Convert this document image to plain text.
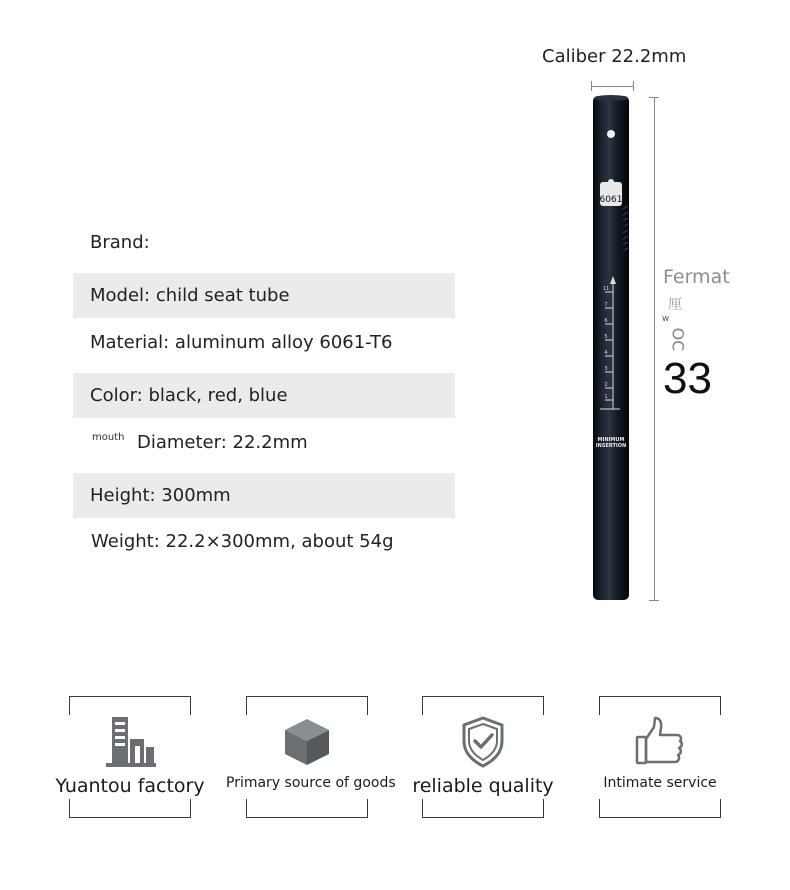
Brand:
Model: child seat tube
Material: aluminum alloy 6061-T6
Color: black, red, blue
mouth Diameter: 22.2mm
Height: 300mm
Weight: 22.2×300mm, about 54g
Caliber 22.2mm
Fermat
厘
w
OC
33
6061
11
7
6
5
4
3
2
1
MINIMUM
INSERTION
Yuantou factory	Primary source of goods reliable quality	Intimate service
